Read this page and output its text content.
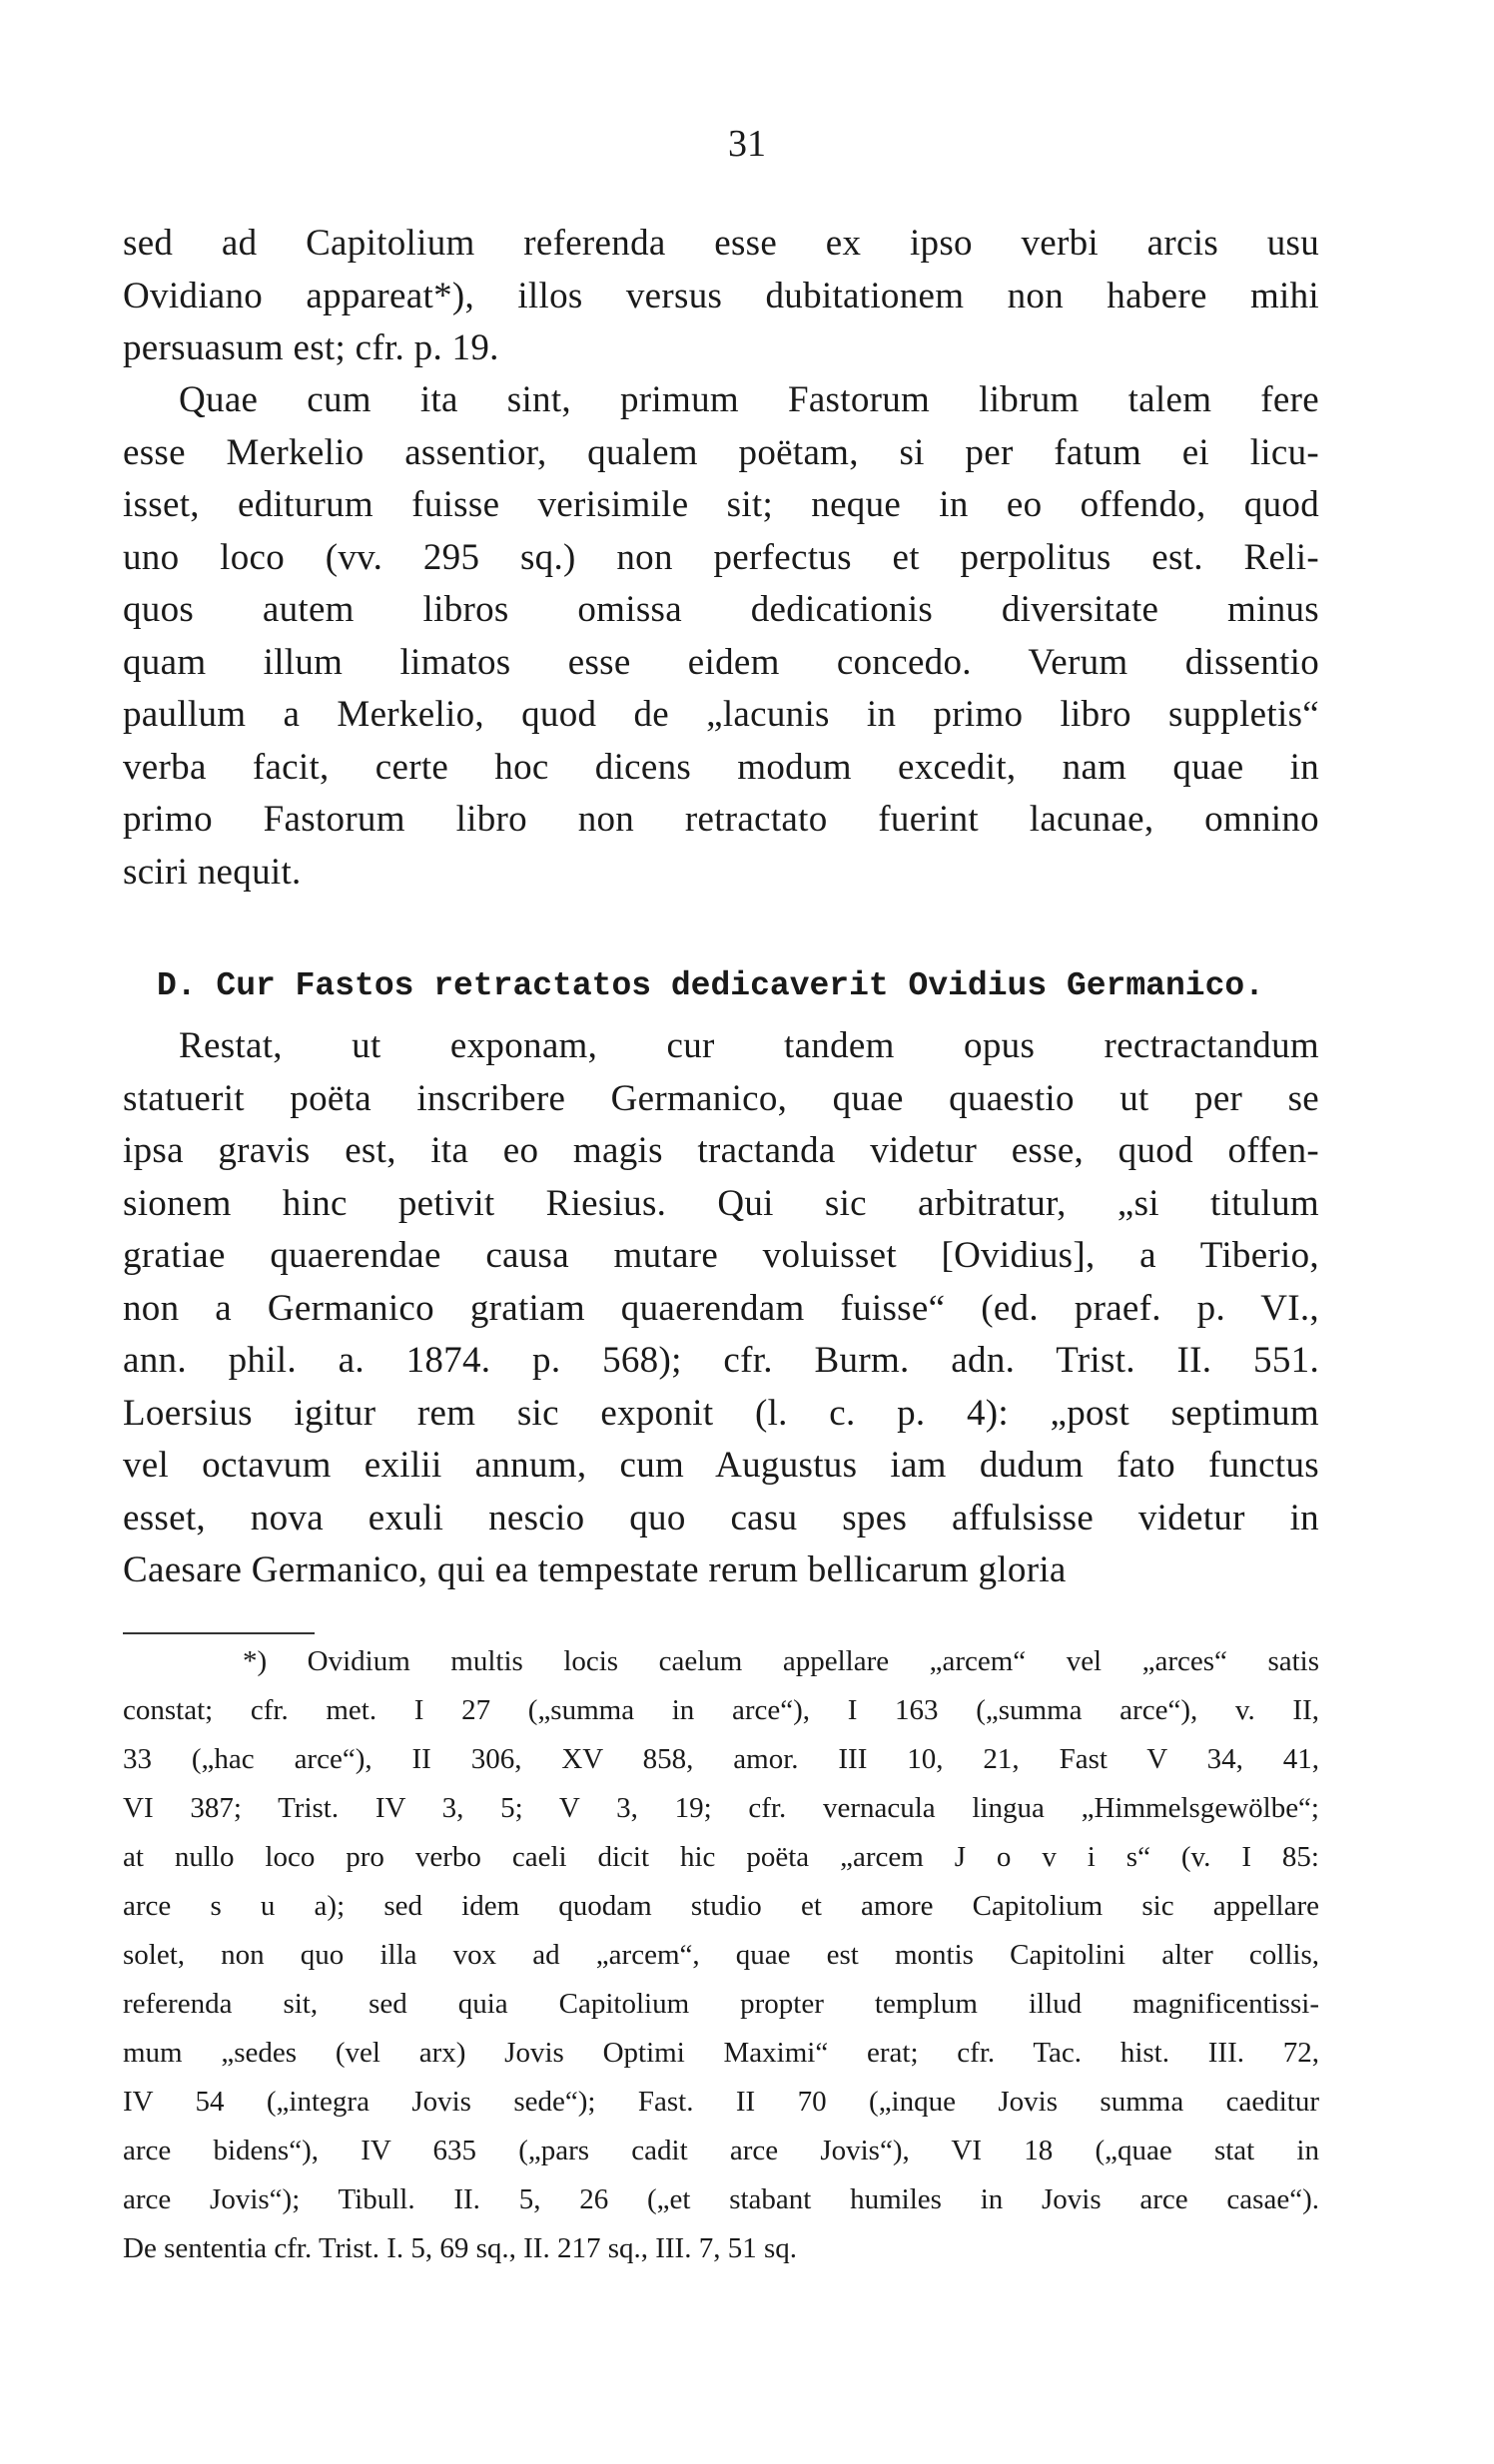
31
sed ad Capitolium referenda esse ex ipso verbi arcis usu
Ovidiano appareat*), illos versus dubitationem non habere mihi
persuasum est; cfr. p. 19.
Quae cum ita sint, primum Fastorum librum talem fere
esse Merkelio assentior, qualem poëtam, si per fatum ei licu-
isset, editurum fuisse verisimile sit; neque in eo offendo, quod
uno loco (vv. 295 sq.) non perfectus et perpolitus est. Reli-
quos autem libros omissa dedicationis diversitate minus
quam illum limatos esse eidem concedo. Verum dissentio
paullum a Merkelio, quod de „lacunis in primo libro suppletis“
verba facit, certe hoc dicens modum excedit, nam quae in
primo Fastorum libro non retractato fuerint lacunae, omnino
sciri nequit.
D. Cur Fastos retractatos dedicaverit Ovidius Germanico.
Restat, ut exponam, cur tandem opus rectractandum
statuerit poëta inscribere Germanico, quae quaestio ut per se
ipsa gravis est, ita eo magis tractanda videtur esse, quod offen-
sionem hinc petivit Riesius. Qui sic arbitratur, „si titulum
gratiae quaerendae causa mutare voluisset [Ovidius], a Tiberio,
non a Germanico gratiam quaerendam fuisse“ (ed. praef. p. VI.,
ann. phil. a. 1874. p. 568); cfr. Burm. adn. Trist. II. 551.
Loersius igitur rem sic exponit (l. c. p. 4): „post septimum
vel octavum exilii annum, cum Augustus iam dudum fato functus
esset, nova exuli nescio quo casu spes affulsisse videtur in
Caesare Germanico, qui ea tempestate rerum bellicarum gloria
*) Ovidium multis locis caelum appellare „arcem“ vel „arces“ satis
constat; cfr. met. I 27 („summa in arce“), I 163 („summa arce“), v. II,
33 („hac arce“), II 306, XV 858, amor. III 10, 21, Fast V 34, 41,
VI 387; Trist. IV 3, 5; V 3, 19; cfr. vernacula lingua „Himmelsgewölbe“;
at nullo loco pro verbo caeli dicit hic poëta „arcem J o v i s“ (v. I 85:
arce s u a); sed idem quodam studio et amore Capitolium sic appellare
solet, non quo illa vox ad „arcem“, quae est montis Capitolini alter collis,
referenda sit, sed quia Capitolium propter templum illud magnificentissi-
mum „sedes (vel arx) Jovis Optimi Maximi“ erat; cfr. Tac. hist. III. 72,
IV 54 („integra Jovis sede“); Fast. II 70 („inque Jovis summa caeditur
arce bidens“), IV 635 („pars cadit arce Jovis“), VI 18 („quae stat in
arce Jovis“); Tibull. II. 5, 26 („et stabant humiles in Jovis arce casae“).
De sententia cfr. Trist. I. 5, 69 sq., II. 217 sq., III. 7, 51 sq.
